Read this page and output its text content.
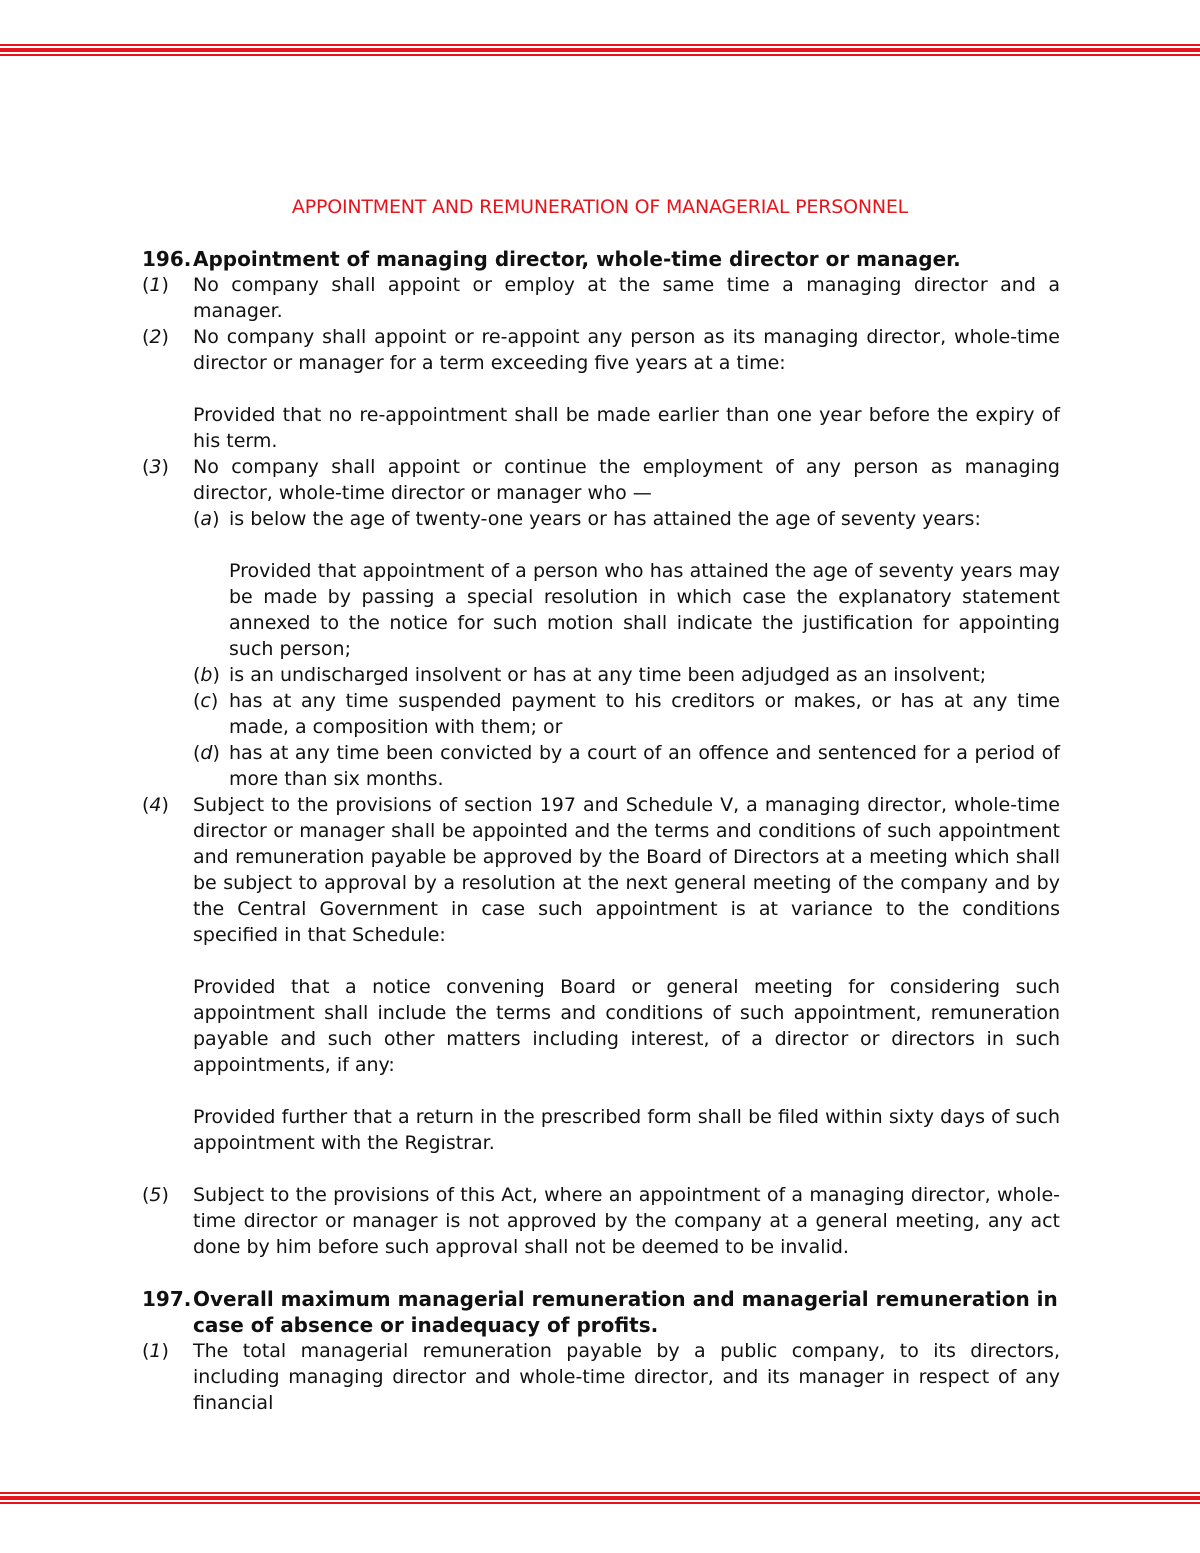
APPOINTMENT AND REMUNERATION OF MANAGERIAL PERSONNEL
196. Appointment of managing director, whole-time director or manager.
(1) No company shall appoint or employ at the same time a managing director and a manager.

(2) No company shall appoint or re-appoint any person as its managing director, whole-time director or manager for a term exceeding five years at a time:

Provided that no re-appointment shall be made earlier than one year before the expiry of his term.

(3) No company shall appoint or continue the employment of any person as managing director, whole-time director or manager who —

(a) is below the age of twenty-one years or has attained the age of seventy years:

Provided that appointment of a person who has attained the age of seventy years may be made by passing a special resolution in which case the explanatory statement annexed to the notice for such motion shall indicate the justification for appointing such person;

(b) is an undischarged insolvent or has at any time been adjudged as an insolvent;

(c) has at any time suspended payment to his creditors or makes, or has at any time made, a composition with them; or

(d) has at any time been convicted by a court of an offence and sentenced for a period of more than six months.

(4) Subject to the provisions of section 197 and Schedule V, a managing director, whole-time director or manager shall be appointed and the terms and conditions of such appointment and remuneration payable be approved by the Board of Directors at a meeting which shall be subject to approval by a resolution at the next general meeting of the company and by the Central Government in case such appointment is at variance to the conditions specified in that Schedule:

Provided that a notice convening Board or general meeting for considering such appointment shall include the terms and conditions of such appointment, remuneration payable and such other matters including interest, of a director or directors in such appointments, if any:

Provided further that a return in the prescribed form shall be filed within sixty days of such appointment with the Registrar.

(5) Subject to the provisions of this Act, where an appointment of a managing director, whole-time director or manager is not approved by the company at a general meeting, any act done by him before such approval shall not be deemed to be invalid.

197. Overall maximum managerial remuneration and managerial remuneration in case of absence or inadequacy of profits.
(1) The total managerial remuneration payable by a public company, to its directors, including managing director and whole-time director, and its manager in respect of any financial
